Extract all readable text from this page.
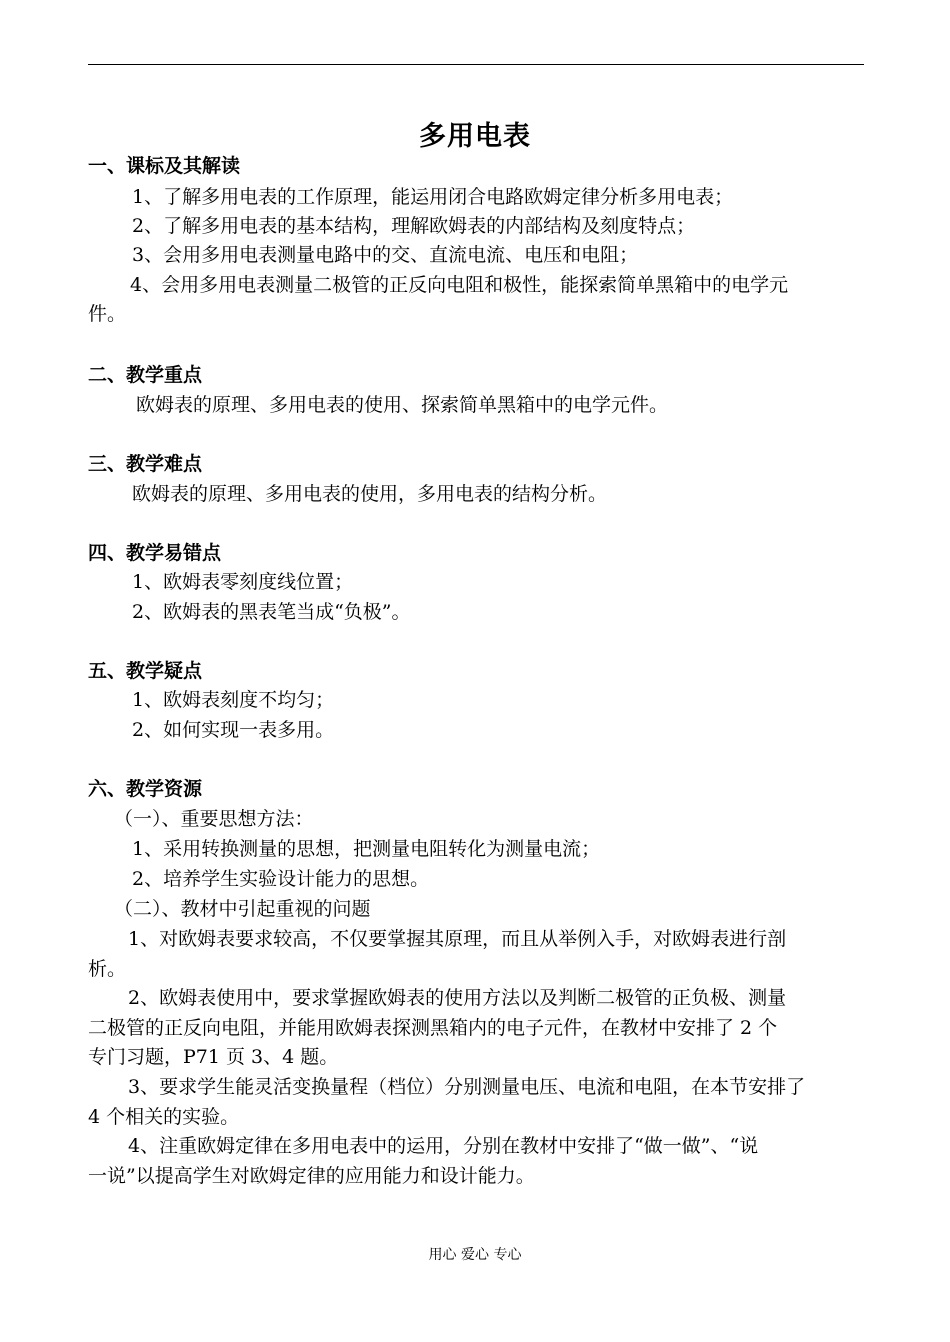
多用电表
一、课标及其解读
1、了解多用电表的工作原理，能运用闭合电路欧姆定律分析多用电表；
2、了解多用电表的基本结构，理解欧姆表的内部结构及刻度特点；
3、会用多用电表测量电路中的交、直流电流、电压和电阻；
4、会用多用电表测量二极管的正反向电阻和极性，能探索简单黑箱中的电学元
件。
二、教学重点
欧姆表的原理、多用电表的使用、探索简单黑箱中的电学元件。
三、教学难点
欧姆表的原理、多用电表的使用，多用电表的结构分析。
四、教学易错点
1、欧姆表零刻度线位置；
2、欧姆表的黑表笔当成“负极”。
五、教学疑点
1、欧姆表刻度不均匀；
2、如何实现一表多用。
六、教学资源
（一）、重要思想方法：
1、采用转换测量的思想，把测量电阻转化为测量电流；
2、培养学生实验设计能力的思想。
（二）、教材中引起重视的问题
1、对欧姆表要求较高，不仅要掌握其原理，而且从举例入手，对欧姆表进行剖
析。
2、欧姆表使用中，要求掌握欧姆表的使用方法以及判断二极管的正负极、测量
二极管的正反向电阻，并能用欧姆表探测黑箱内的电子元件，在教材中安排了 2 个
专门习题，P71 页 3、4 题。
3、要求学生能灵活变换量程（档位）分别测量电压、电流和电阻，在本节安排了
4 个相关的实验。
4、注重欧姆定律在多用电表中的运用，分别在教材中安排了“做一做”、“说
一说”以提高学生对欧姆定律的应用能力和设计能力。
用心 爱心 专心
